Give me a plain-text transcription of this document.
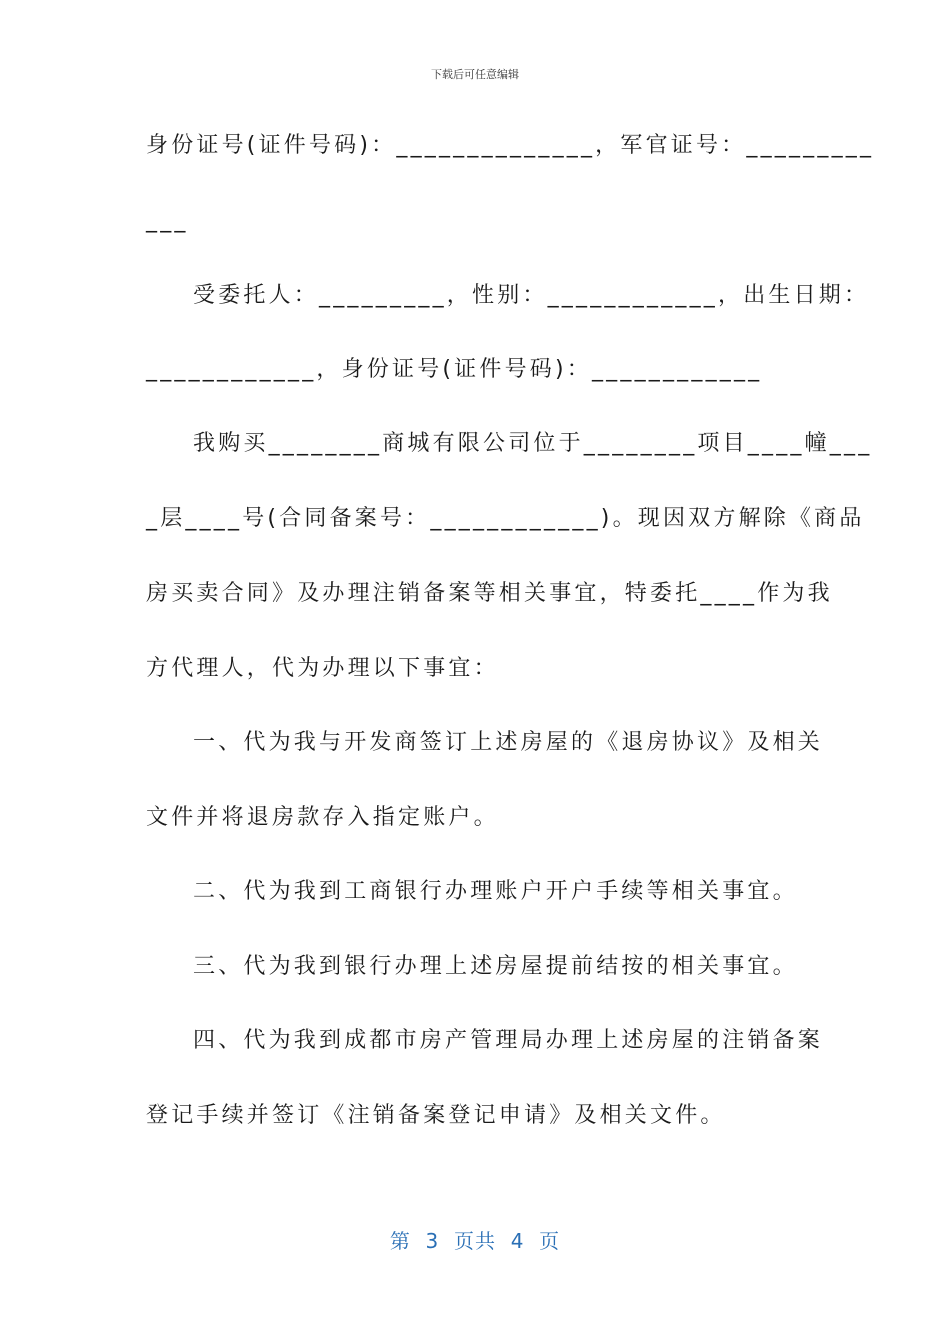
下载后可任意编辑
身份证号(证件号码)：______________，军官证号：_________
___
受委托人：_________，性别：____________，出生日期：
____________，身份证号(证件号码)：____________
我购买________商城有限公司位于________项目____幢___
_层____号(合同备案号：____________)。现因双方解除《商品
房买卖合同》及办理注销备案等相关事宜，特委托____作为我
方代理人，代为办理以下事宜：
一、代为我与开发商签订上述房屋的《退房协议》及相关
文件并将退房款存入指定账户。
二、代为我到工商银行办理账户开户手续等相关事宜。
三、代为我到银行办理上述房屋提前结按的相关事宜。
四、代为我到成都市房产管理局办理上述房屋的注销备案
登记手续并签订《注销备案登记申请》及相关文件。
第  3  页共  4  页
